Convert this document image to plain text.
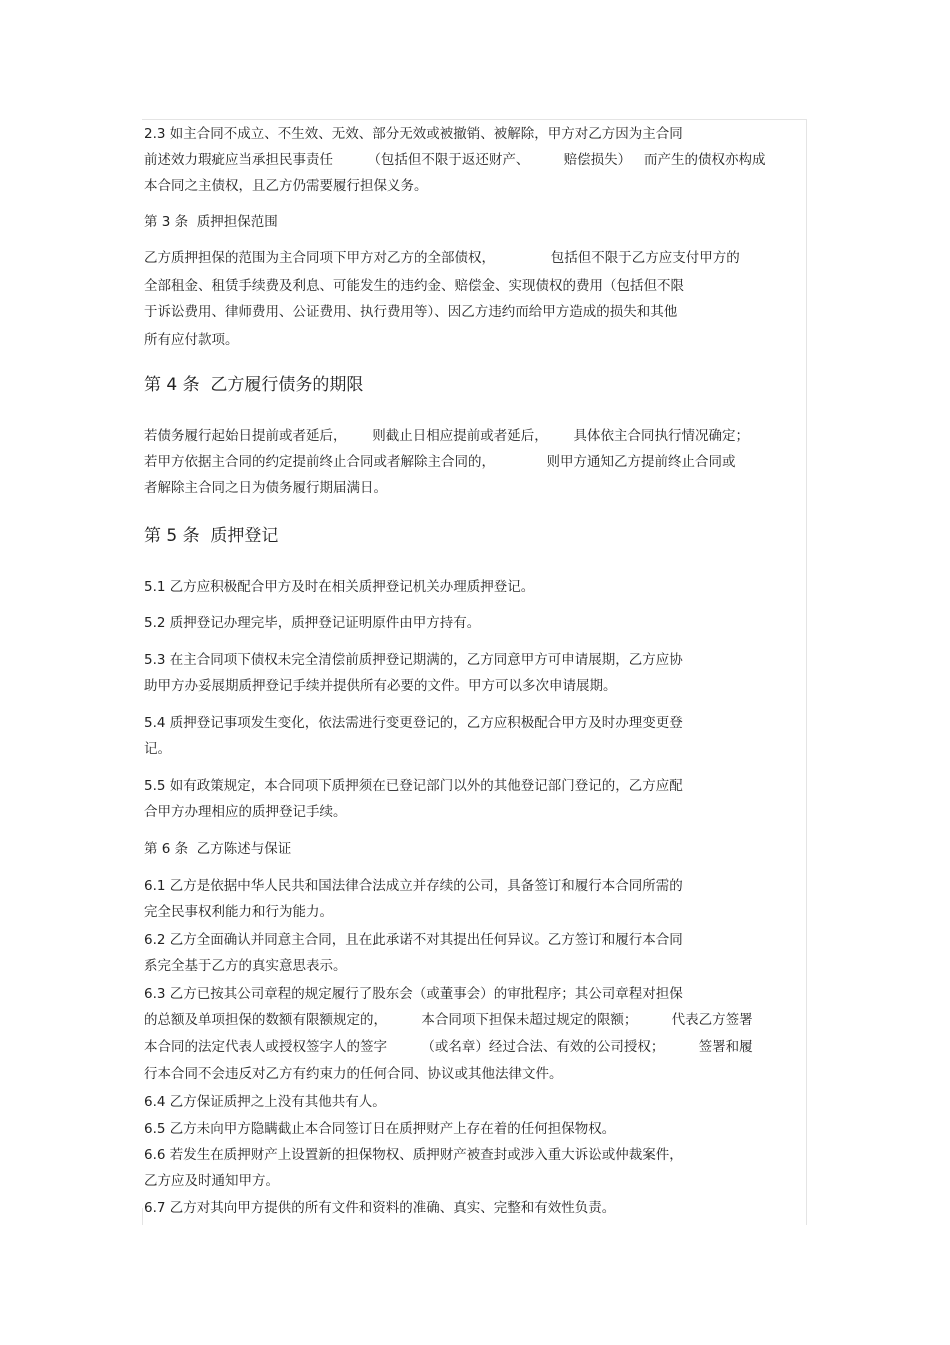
2.3 如主合同不成立、不生效、无效、部分无效或被撤销、被解除，甲方对乙方因为主合同

前述效力瑕疵应当承担民事责任        （包括但不限于返还财产、        赔偿损失）   而产生的债权亦构成

本合同之主债权，且乙方仍需要履行担保义务。

第 3 条  质押担保范围

乙方质押担保的范围为主合同项下甲方对乙方的全部债权，             包括但不限于乙方应支付甲方的

全部租金、租赁手续费及利息、可能发生的违约金、赔偿金、实现债权的费用（包括但不限

于诉讼费用、律师费用、公证费用、执行费用等）、因乙方违约而给甲方造成的损失和其他

所有应付款项。

第 4 条  乙方履行债务的期限

若债务履行起始日提前或者延后，      则截止日相应提前或者延后，      具体依主合同执行情况确定；

若甲方依据主合同的约定提前终止合同或者解除主合同的，            则甲方通知乙方提前终止合同或

者解除主合同之日为债务履行期届满日。

第 5 条  质押登记

5.1 乙方应积极配合甲方及时在相关质押登记机关办理质押登记。

5.2 质押登记办理完毕，质押登记证明原件由甲方持有。

5.3 在主合同项下债权未完全清偿前质押登记期满的，乙方同意甲方可申请展期，乙方应协

助甲方办妥展期质押登记手续并提供所有必要的文件。甲方可以多次申请展期。

5.4 质押登记事项发生变化，依法需进行变更登记的，乙方应积极配合甲方及时办理变更登

记。

5.5 如有政策规定，本合同项下质押须在已登记部门以外的其他登记部门登记的，乙方应配

合甲方办理相应的质押登记手续。

第 6 条  乙方陈述与保证

6.1 乙方是依据中华人民共和国法律合法成立并存续的公司，具备签订和履行本合同所需的

完全民事权利能力和行为能力。

6.2 乙方全面确认并同意主合同，且在此承诺不对其提出任何异议。乙方签订和履行本合同

系完全基于乙方的真实意思表示。

6.3 乙方已按其公司章程的规定履行了股东会（或董事会）的审批程序；其公司章程对担保

的总额及单项担保的数额有限额规定的，        本合同项下担保未超过规定的限额；        代表乙方签署

本合同的法定代表人或授权签字人的签字        （或名章）经过合法、有效的公司授权；        签署和履

行本合同不会违反对乙方有约束力的任何合同、协议或其他法律文件。

6.4 乙方保证质押之上没有其他共有人。

6.5 乙方未向甲方隐瞒截止本合同签订日在质押财产上存在着的任何担保物权。

6.6 若发生在质押财产上设置新的担保物权、质押财产被查封或涉入重大诉讼或仲裁案件，

乙方应及时通知甲方。

6.7 乙方对其向甲方提供的所有文件和资料的准确、真实、完整和有效性负责。
